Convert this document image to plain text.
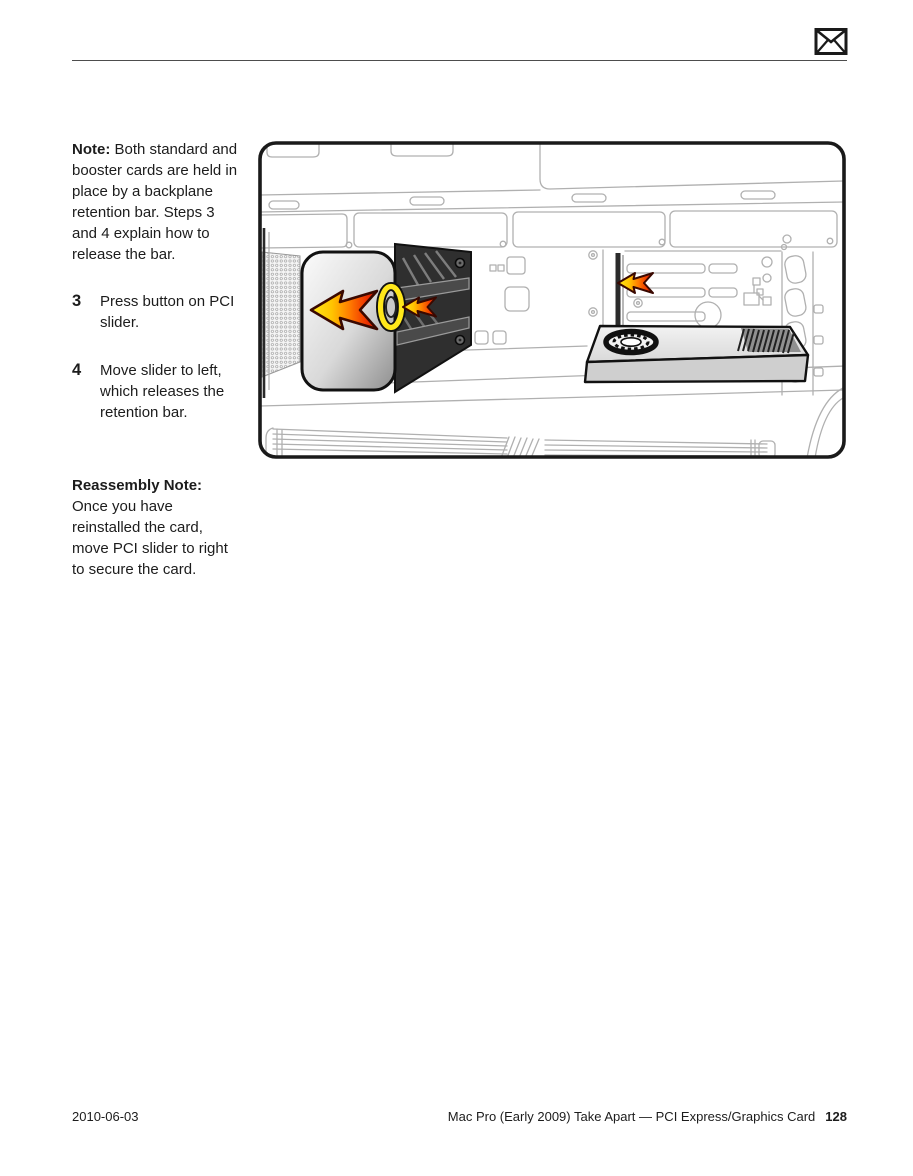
Note: Both standard and booster cards are held in place by a backplane retention bar. Steps 3 and 4 explain how to release the bar.
3	Press button on PCI slider.
4	Move slider to left, which releases the retention bar.
Reassembly Note: Once you have reinstalled the card, move PCI slider to right to secure the card.
2010-06-03	Mac Pro (Early 2009) Take Apart — PCI Express/Graphics Card 128
